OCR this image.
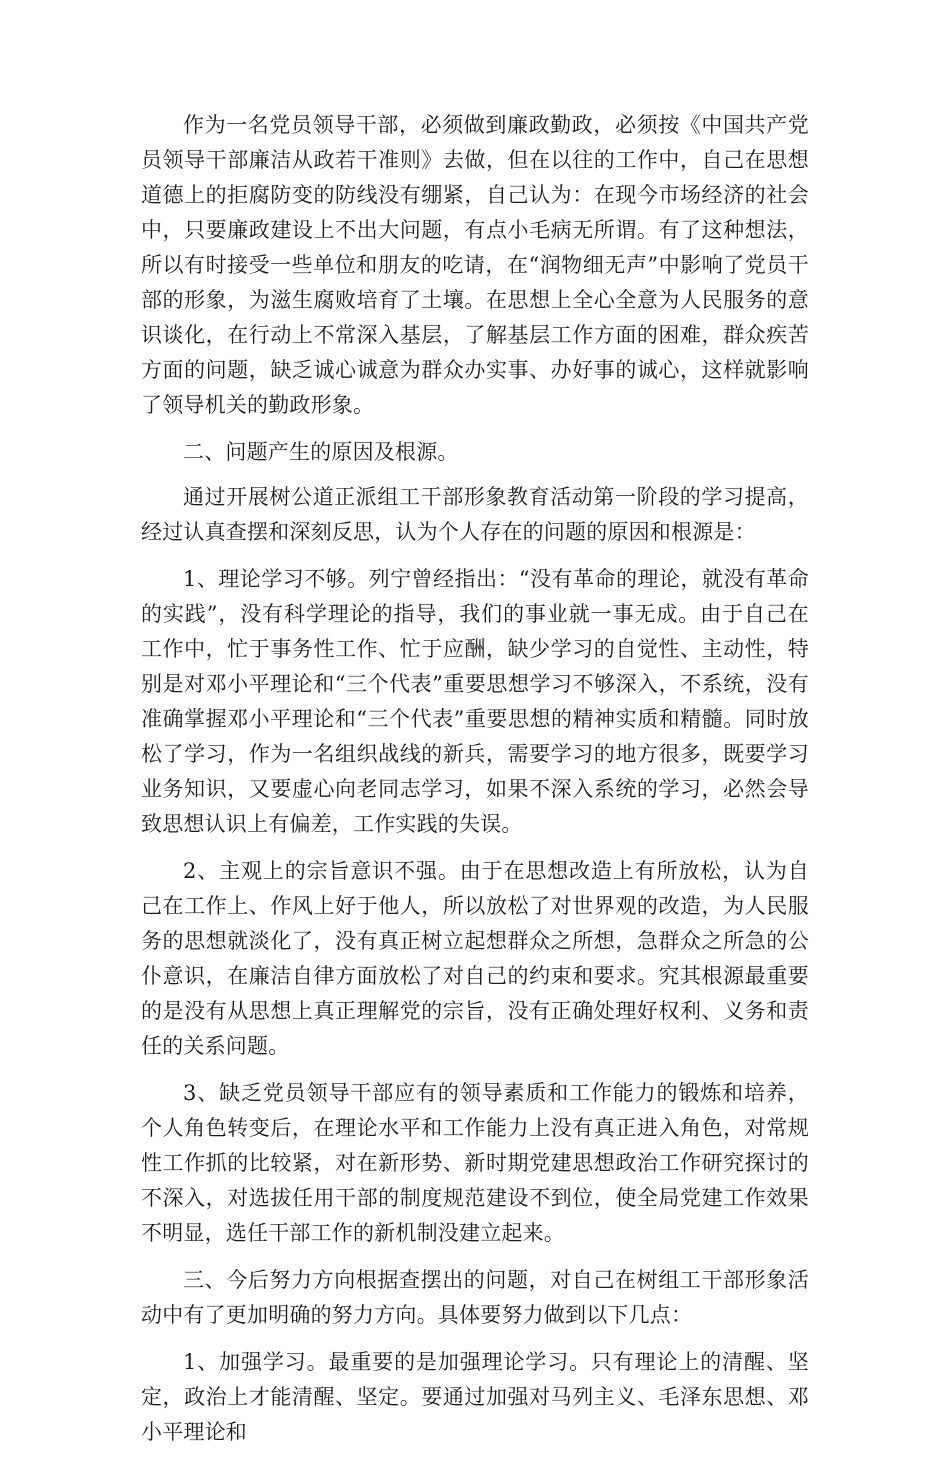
作为一名党员领导干部，必须做到廉政勤政，必须按《中国共产党员领导干部廉洁从政若干准则》去做，但在以往的工作中，自己在思想道德上的拒腐防变的防线没有绷紧，自己认为：在现今市场经济的社会中，只要廉政建设上不出大问题，有点小毛病无所谓。有了这种想法，所以有时接受一些单位和朋友的吃请，在“润物细无声”中影响了党员干部的形象，为滋生腐败培育了土壤。在思想上全心全意为人民服务的意识谈化，在行动上不常深入基层，了解基层工作方面的困难，群众疾苦方面的问题，缺乏诚心诚意为群众办实事、办好事的诚心，这样就影响了领导机关的勤政形象。

二、问题产生的原因及根源。

通过开展树公道正派组工干部形象教育活动第一阶段的学习提高，经过认真查摆和深刻反思，认为个人存在的问题的原因和根源是：

1、理论学习不够。列宁曾经指出：“没有革命的理论，就没有革命的实践”，没有科学理论的指导，我们的事业就一事无成。由于自己在工作中，忙于事务性工作、忙于应酬，缺少学习的自觉性、主动性，特别是对邓小平理论和“三个代表”重要思想学习不够深入，不系统，没有准确掌握邓小平理论和“三个代表”重要思想的精神实质和精髓。同时放松了学习，作为一名组织战线的新兵，需要学习的地方很多，既要学习业务知识，又要虚心向老同志学习，如果不深入系统的学习，必然会导致思想认识上有偏差，工作实践的失误。

2、主观上的宗旨意识不强。由于在思想改造上有所放松，认为自己在工作上、作风上好于他人，所以放松了对世界观的改造，为人民服务的思想就淡化了，没有真正树立起想群众之所想，急群众之所急的公仆意识，在廉洁自律方面放松了对自己的约束和要求。究其根源最重要的是没有从思想上真正理解党的宗旨，没有正确处理好权利、义务和责任的关系问题。

3、缺乏党员领导干部应有的领导素质和工作能力的锻炼和培养，个人角色转变后，在理论水平和工作能力上没有真正进入角色，对常规性工作抓的比较紧，对在新形势、新时期党建思想政治工作研究探讨的不深入，对选拔任用干部的制度规范建设不到位，使全局党建工作效果不明显，选任干部工作的新机制没建立起来。

三、今后努力方向根据查摆出的问题，对自己在树组工干部形象活动中有了更加明确的努力方向。具体要努力做到以下几点：

1、加强学习。最重要的是加强理论学习。只有理论上的清醒、坚定，政治上才能清醒、坚定。要通过加强对马列主义、毛泽东思想、邓小平理论和
